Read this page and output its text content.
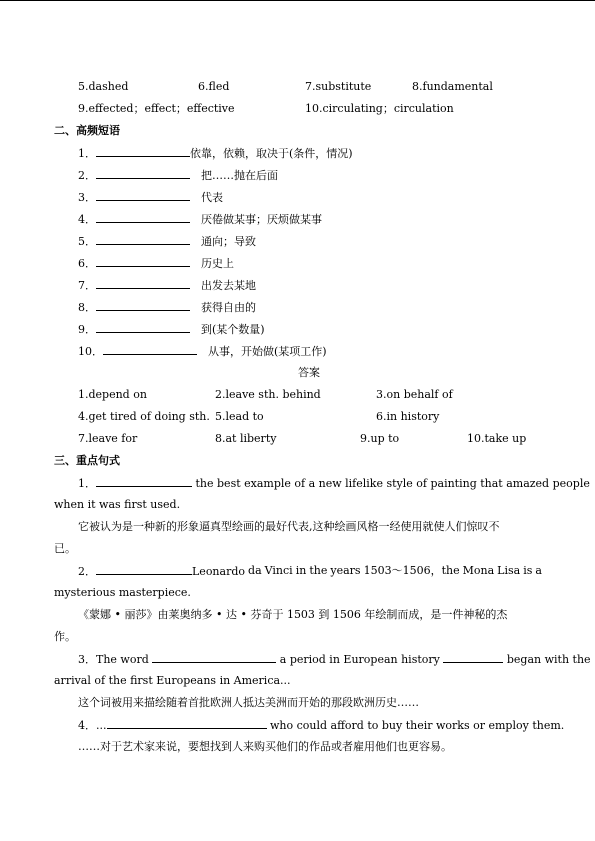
5.dashed	6.fled	7.substitute	8.fundamental
9.effected；effect；effective	10.circulating；circulation
二、高频短语
1．	依靠，依赖，取决于(条件，情况)
2．	把……抛在后面
3．	代表
4．	厌倦做某事；厌烦做某事
5．	通向；导致
6．	历史上
7．	出发去某地
8．	获得自由的
9．	到(某个数量)
10．	从事，开始做(某项工作)
答案
1.depend on	2.leave sth. behind	3.on behalf of
4.get tired of doing sth. 5.lead to	6.in history
7.leave for	8.at liberty	9.up to	10.take up
三、重点句式
1．	the best example of a new lifelike style of painting that amazed people
when it was first used.
它被认为是一种新的形象逼真型绘画的最好代表,这种绘画风格一经使用就使人们惊叹不
已。
2．	Leonardo da Vinci in the years 1503～1506，the Mona Lisa is a
mysterious masterpiece.
《蒙娜 • 丽莎》由莱奥纳多 • 达 • 芬奇于 1503 到 1506 年绘制而成，是一件神秘的杰
作。
3．The word	a period in European history	began with the
arrival of the first Europeans in America...
这个词被用来描绘随着首批欧洲人抵达美洲而开始的那段欧洲历史……
4．...	who could afford to buy their works or employ them.
……对于艺术家来说，要想找到人来购买他们的作品或者雇用他们也更容易。
